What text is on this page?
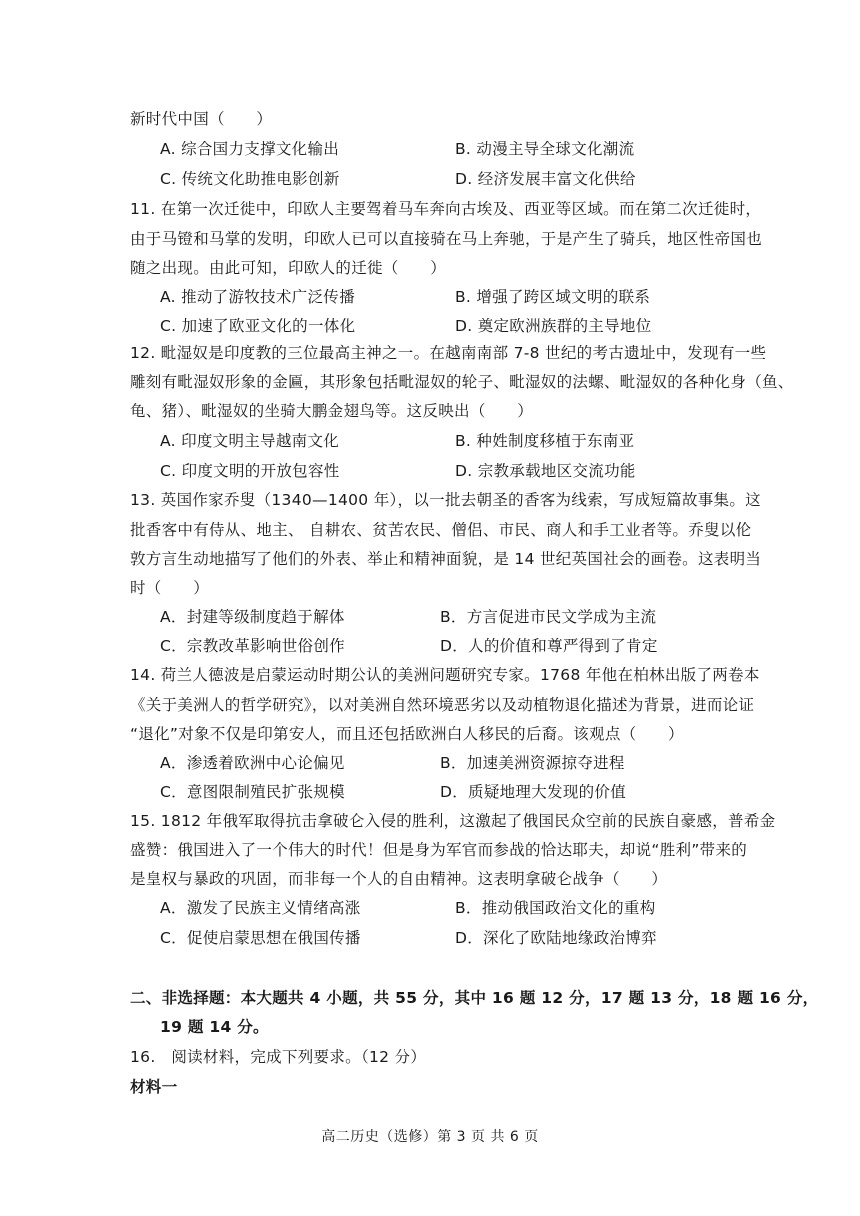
新时代中国（　　）
A. 综合国力支撑文化输出	B. 动漫主导全球文化潮流
C. 传统文化助推电影创新	D. 经济发展丰富文化供给
11. 在第一次迁徙中，印欧人主要驾着马车奔向古埃及、西亚等区域。而在第二次迁徙时，
由于马镫和马掌的发明，印欧人已可以直接骑在马上奔驰，于是产生了骑兵，地区性帝国也
随之出现。由此可知，印欧人的迁徙（　　）
A. 推动了游牧技术广泛传播	B. 增强了跨区域文明的联系
C. 加速了欧亚文化的一体化	D. 奠定欧洲族群的主导地位
12. 毗湿奴是印度教的三位最高主神之一。在越南南部 7-8 世纪的考古遗址中，发现有一些
雕刻有毗湿奴形象的金匾，其形象包括毗湿奴的轮子、毗湿奴的法螺、毗湿奴的各种化身（鱼、
龟、猪）、毗湿奴的坐骑大鹏金翅鸟等。这反映出（　　）
A. 印度文明主导越南文化	B. 种姓制度移植于东南亚
C. 印度文明的开放包容性	D. 宗教承载地区交流功能
13. 英国作家乔叟（1340—1400 年），以一批去朝圣的香客为线索，写成短篇故事集。这
批香客中有侍从、地主、 自耕农、贫苦农民、僧侣、市民、商人和手工业者等。乔叟以伦
敦方言生动地描写了他们的外表、举止和精神面貌，是 14 世纪英国社会的画卷。这表明当
时（　　）
A．封建等级制度趋于解体	B．方言促进市民文学成为主流
C．宗教改革影响世俗创作	D．人的价值和尊严得到了肯定
14. 荷兰人德波是启蒙运动时期公认的美洲问题研究专家。1768 年他在柏林出版了两卷本
《关于美洲人的哲学研究》，以对美洲自然环境恶劣以及动植物退化描述为背景，进而论证
“退化”对象不仅是印第安人，而且还包括欧洲白人移民的后裔。该观点（　　）
A．渗透着欧洲中心论偏见	B．加速美洲资源掠夺进程
C．意图限制殖民扩张规模	D．质疑地理大发现的价值
15. 1812 年俄军取得抗击拿破仑入侵的胜利，这激起了俄国民众空前的民族自豪感，普希金
盛赞：俄国进入了一个伟大的时代！但是身为军官而参战的恰达耶夫，却说“胜利”带来的
是皇权与暴政的巩固，而非每一个人的自由精神。这表明拿破仑战争（　　）
A．激发了民族主义情绪高涨	B．推动俄国政治文化的重构
C．促使启蒙思想在俄国传播	D．深化了欧陆地缘政治博弈
二、非选择题：本大题共 4 小题，共 55 分，其中 16 题 12 分，17 题 13 分，18 题 16 分，
19 题 14 分。
16.　阅读材料，完成下列要求。（12 分）
材料一
高二历史（选修）第 3 页 共 6 页
